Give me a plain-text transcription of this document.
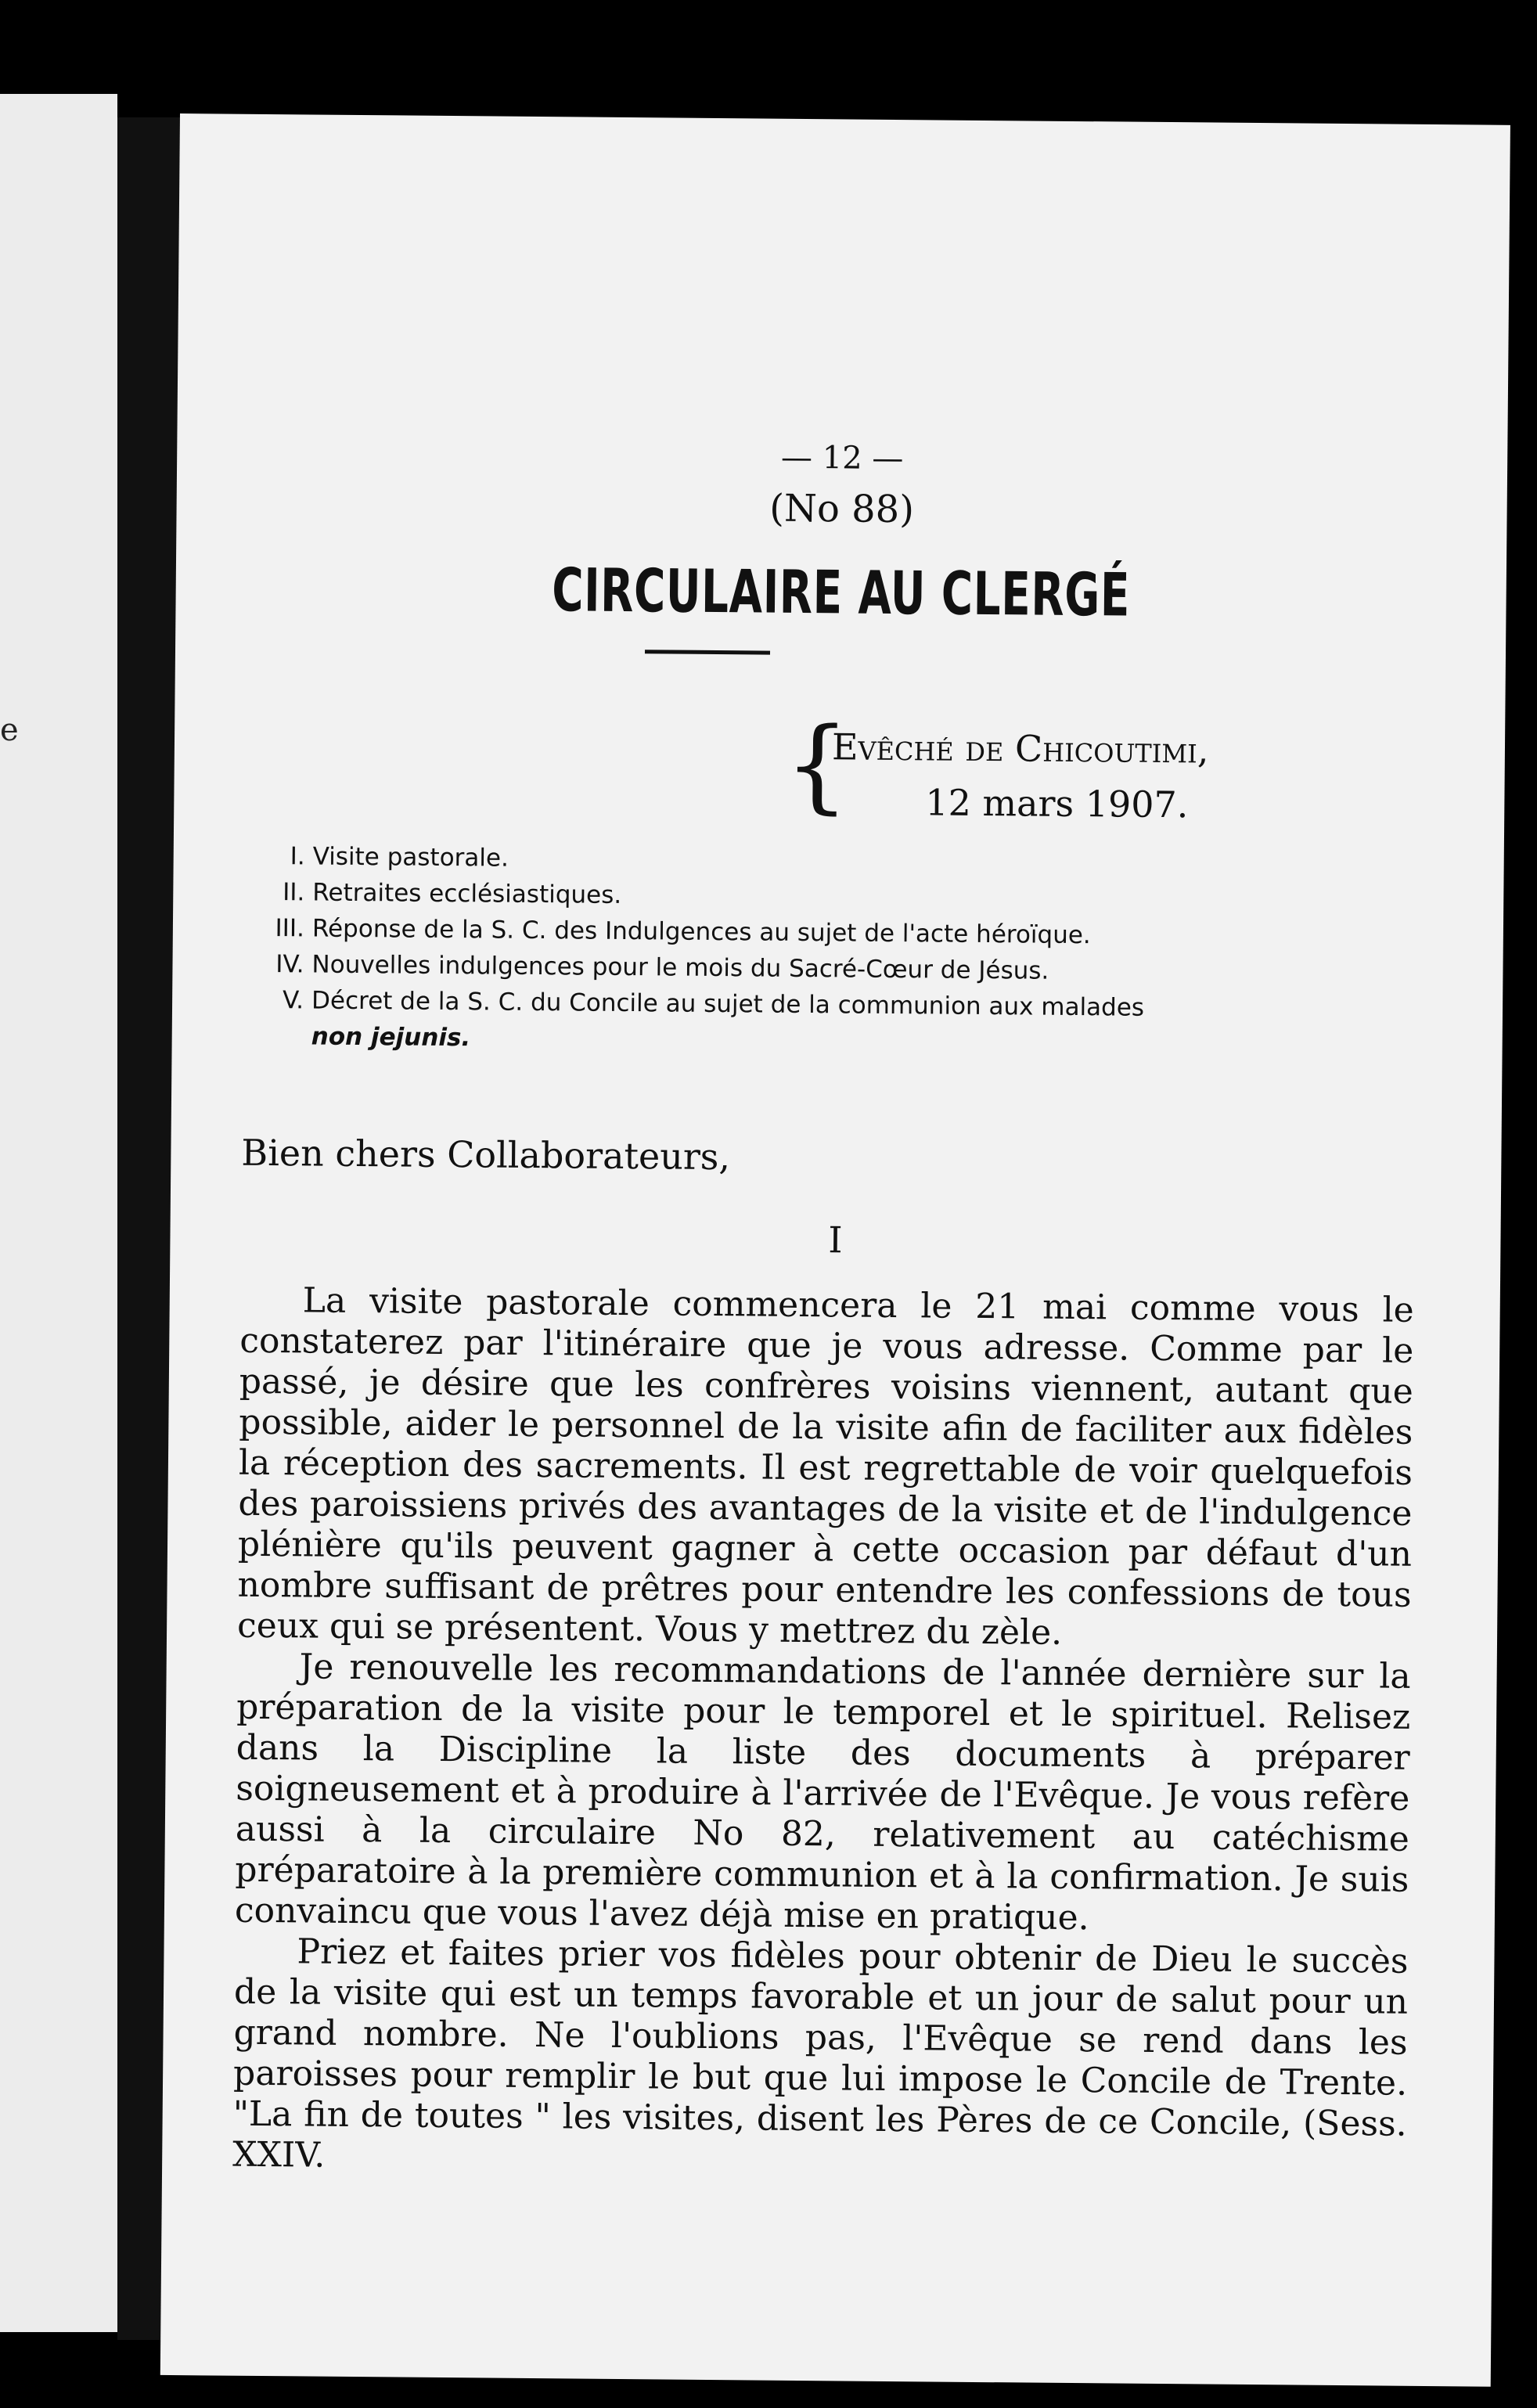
e
— 12 —
(No 88)
CIRCULAIRE AU CLERGÉ
{
Evêché de Chicoutimi,
12 mars 1907.
I. Visite pastorale.
II. Retraites ecclésiastiques.
III. Réponse de la S. C. des Indulgences au sujet de l'acte héroïque.
IV. Nouvelles indulgences pour le mois du Sacré-Cœur de Jésus.
V. Décret de la S. C. du Concile au sujet de la communion aux malades
non jejunis.
Bien chers Collaborateurs,
I

La visite pastorale commencera le 21 mai comme vous le constaterez par l'itinéraire que je vous adresse. Comme par le passé, je désire que les confrères voisins viennent, autant que possible, aider le personnel de la visite afin de faciliter aux fidèles la réception des sacrements. Il est regrettable de voir quelquefois des paroissiens privés des avantages de la visite et de l'indulgence plénière qu'ils peuvent gagner à cette occasion par défaut d'un nombre suffisant de prêtres pour entendre les confessions de tous ceux qui se présentent. Vous y mettrez du zèle.

Je renouvelle les recommandations de l'année dernière sur la préparation de la visite pour le temporel et le spirituel. Relisez dans la Discipline la liste des documents à préparer soigneusement et à produire à l'arrivée de l'Evêque. Je vous refère aussi à la circulaire No 82, relativement au catéchisme préparatoire à la première communion et à la confirmation. Je suis convaincu que vous l'avez déjà mise en pratique.

Priez et faites prier vos fidèles pour obtenir de Dieu le succès de la visite qui est un temps favorable et un jour de salut pour un grand nombre. Ne l'oublions pas, l'Evêque se rend dans les paroisses pour remplir le but que lui impose le Concile de Trente. "La fin de toutes " les visites, disent les Pères de ce Concile, (Sess. XXIV.
